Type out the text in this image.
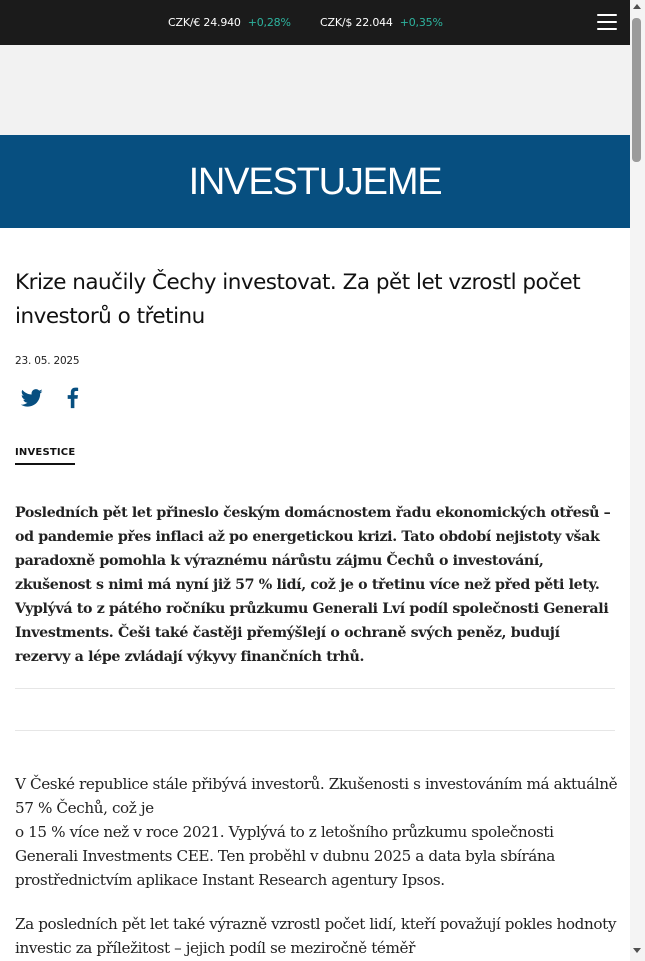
CZK/€ 24.940 +0,28%	CZK/$ 22.044 +0,35%
INVESTUJEME
Krize naučily Čechy investovat. Za pět let vzrostl počet investorů o třetinu
23. 05. 2025
INVESTICE

Posledních pět let přineslo českým domácnostem řadu ekonomických otřesů – od pandemie přes inflaci až po energetickou krizi. Tato období nejistoty však paradoxně pomohla k výraznému nárůstu zájmu Čechů o investování, zkušenost s nimi má nyní již 57 % lidí, což je o třetinu více než před pěti lety. Vyplývá to z pátého ročníku průzkumu Generali Lví podíl společnosti Generali Investments. Češi také častěji přemýšlejí o ochraně svých peněz, budují rezervy a lépe zvládají výkyvy finančních trhů.

V České republice stále přibývá investorů. Zkušenosti s investováním má aktuálně 57 % Čechů, což je
o 15 % více než v roce 2021. Vyplývá to z letošního průzkumu společnosti Generali Investments CEE. Ten proběhl v dubnu 2025 a data byla sbírána prostřednictvím aplikace Instant Research agentury Ipsos.

Za posledních pět let také výrazně vzrostl počet lidí, kteří považují pokles hodnoty investic za příležitost – jejich podíl se meziročně téměř
